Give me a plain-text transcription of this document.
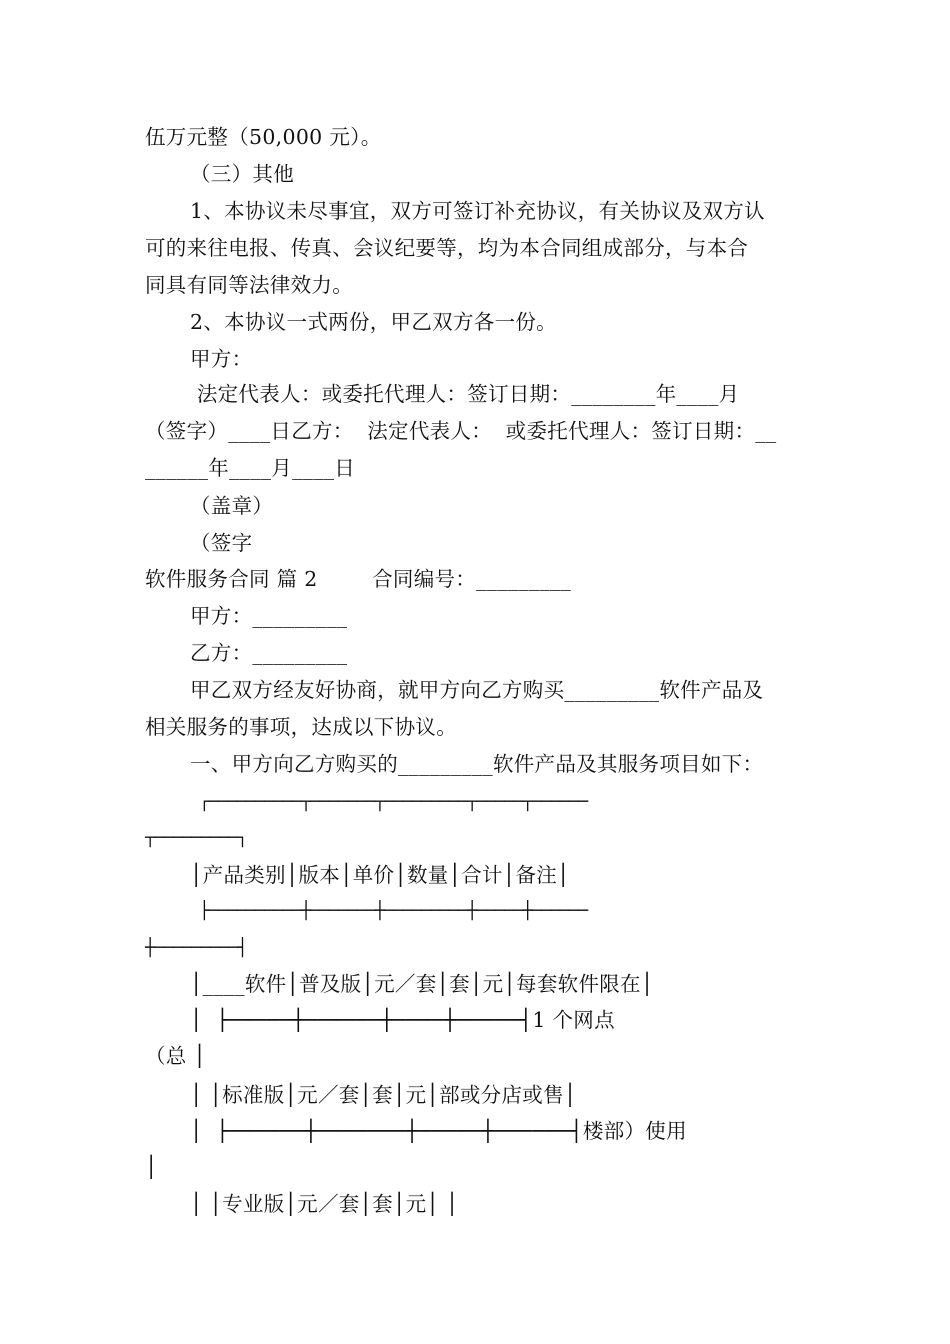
伍万元整（50,000 元）。

（三）其他

1、本协议未尽事宜，双方可签订补充协议，有关协议及双方认

可的来往电报、传真、会议纪要等，均为本合同组成部分，与本合

同具有同等法律效力。

2、本协议一式两份，甲乙双方各一份。

甲方：

法定代表人：或委托代理人：签订日期：________年____月

（签字）____日乙方：  法定代表人：  或委托代理人：签订日期：__

______年____月____日

（盖章）

（签字

软件服务合同 篇 2        合同编号：_________

甲方：_________

乙方：_________

甲乙双方经友好协商，就甲方向乙方购买_________软件产品及

相关服务的事项，达成以下协议。

一、甲方向乙方购买的_________软件产品及其服务项目如下：

┌──────────┬───────┬─────────┬─────┬──────

┬─────────┐

│产品类别│版本│单价│数量│合计│备注│

├──────────┼───────┼─────────┼─────┼──────

┼─────────┤

│____软件│普及版│元／套│套│元│每套软件限在│

│  ├─────┼──────┼────┼─────┤1 个网点

（总 │

│ │标准版│元／套│套│元│部或分店或售│

│  ├──────┼───────┼─────┼──────┤楼部）使用

│

│ │专业版│元／套│套│元│ │
